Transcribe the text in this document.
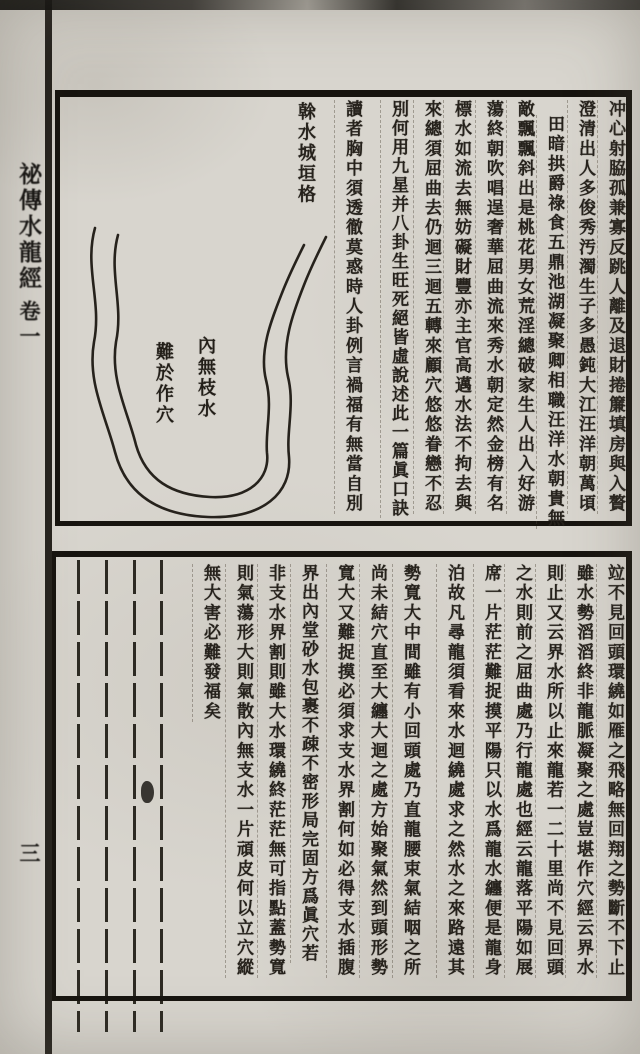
祕傳水龍經
卷一
三
冲心射脇孤兼寡反跳人離及退財捲簾填房與入贅
澄清出人多俊秀汚濁生子多愚鈍大江汪洋朝萬頃
田暗拱爵祿食五鼎池湖凝聚卿相職汪洋水朝貴無
敵飄飄斜出是桃花男女荒淫總破家生人出入好游
蕩終朝吹唱逞奢華屈曲流來秀水朝定然金榜有名
標水如流去無妨礙財豐亦主官高邁水法不拘去與
來總須屈曲去仍迴三迴五轉來顧穴悠悠眷戀不忍
別何用九星并八卦生旺死絕皆虛說述此一篇眞口訣
讀者胸中須透徹莫惑時人卦例言禍福有無當自別
榦水城垣格
內無枝水
難於作穴
竝不見回頭環繞如雁之飛略無回翔之勢斷不下止
雖水勢滔滔終非龍脈凝聚之處豈堪作穴經云界水
則止又云界水所以止來龍若一二十里尚不見回頭
之水則前之屈曲處乃行龍處也經云龍落平陽如展
席一片茫茫難捉摸平陽只以水爲龍水纏便是龍身
泊故凡尋龍須看來水迴繞處求之然水之來路遠其
勢寬大中間雖有小回頭處乃直龍腰束氣結咽之所
尚未結穴直至大纏大迴之處方始聚氣然到頭形勢
寬大又難捉摸必須求支水界割何如必得支水插腹
界出內堂砂水包裹不疎不密形局完固方爲眞穴若
非支水界割則雖大水環繞終茫茫無可指點蓋勢寬
則氣蕩形大則氣散內無支水一片頑皮何以立穴縱
無大害必難發福矣
